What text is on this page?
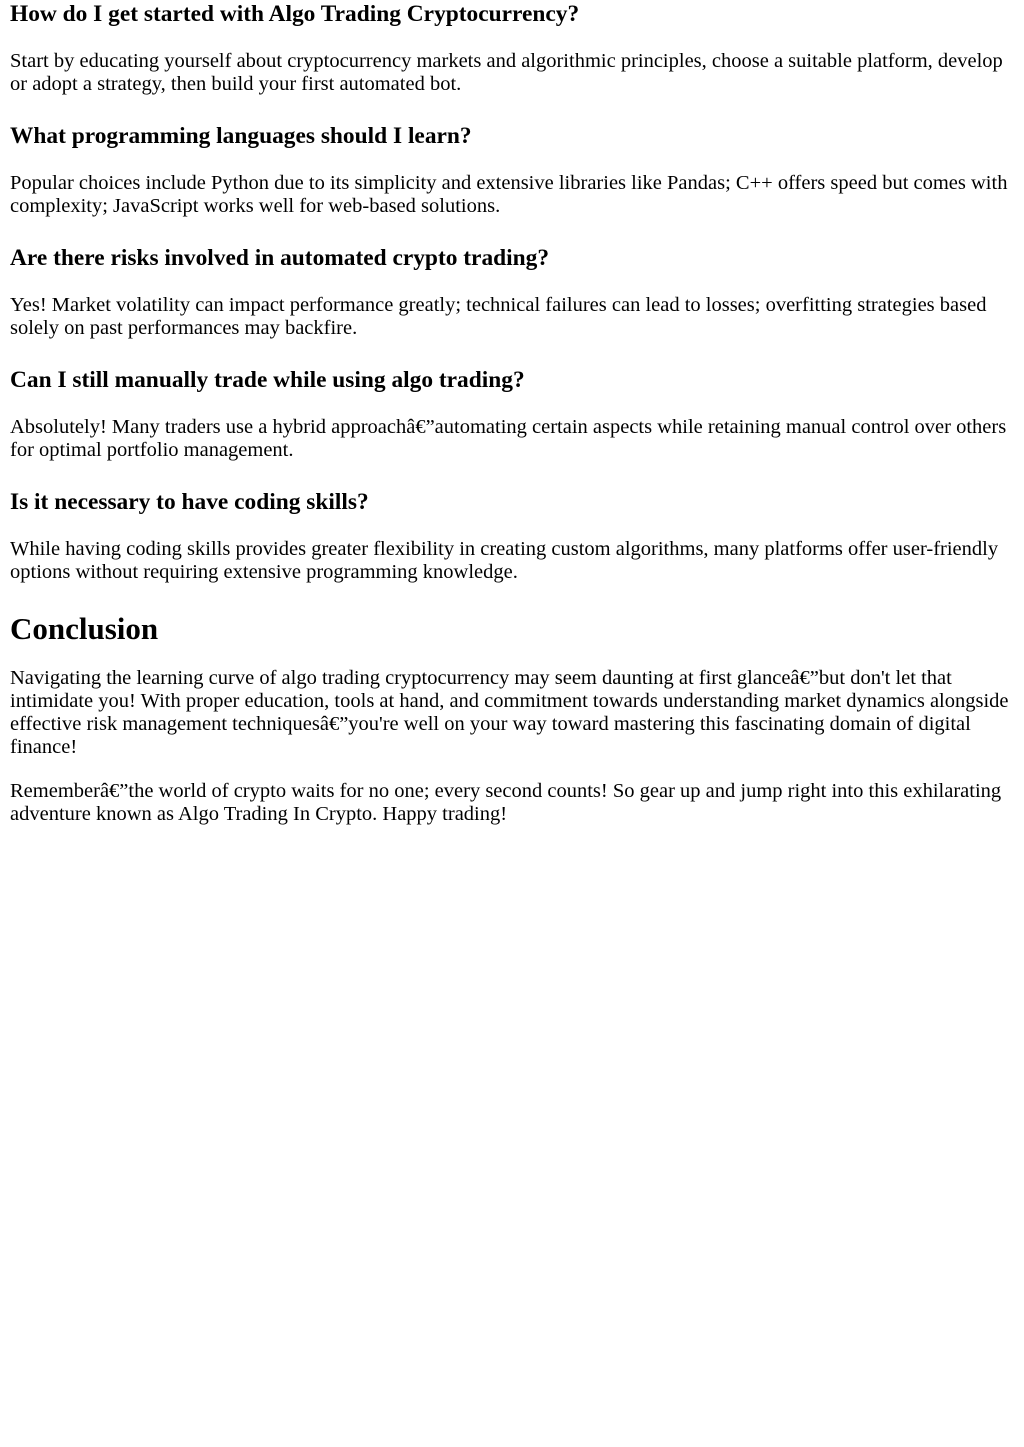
How do I get started with Algo Trading Cryptocurrency?

Start by educating yourself about cryptocurrency markets and algorithmic principles, choose a suitable platform, develop or adopt a strategy, then build your first automated bot.

What programming languages should I learn?

Popular choices include Python due to its simplicity and extensive libraries like Pandas; C++ offers speed but comes with complexity; JavaScript works well for web-based solutions.

Are there risks involved in automated crypto trading?

Yes! Market volatility can impact performance greatly; technical failures can lead to losses; overfitting strategies based solely on past performances may backfire.

Can I still manually trade while using algo trading?

Absolutely! Many traders use a hybrid approachâ€”automating certain aspects while retaining manual control over others for optimal portfolio management.

Is it necessary to have coding skills?

While having coding skills provides greater flexibility in creating custom algorithms, many platforms offer user-friendly options without requiring extensive programming knowledge.

Conclusion

Navigating the learning curve of algo trading cryptocurrency may seem daunting at first glanceâ€”but don't let that intimidate you! With proper education, tools at hand, and commitment towards understanding market dynamics alongside effective risk management techniquesâ€”you're well on your way toward mastering this fascinating domain of digital finance!

Rememberâ€”the world of crypto waits for no one; every second counts! So gear up and jump right into this exhilarating adventure known as Algo Trading In Crypto. Happy trading!
